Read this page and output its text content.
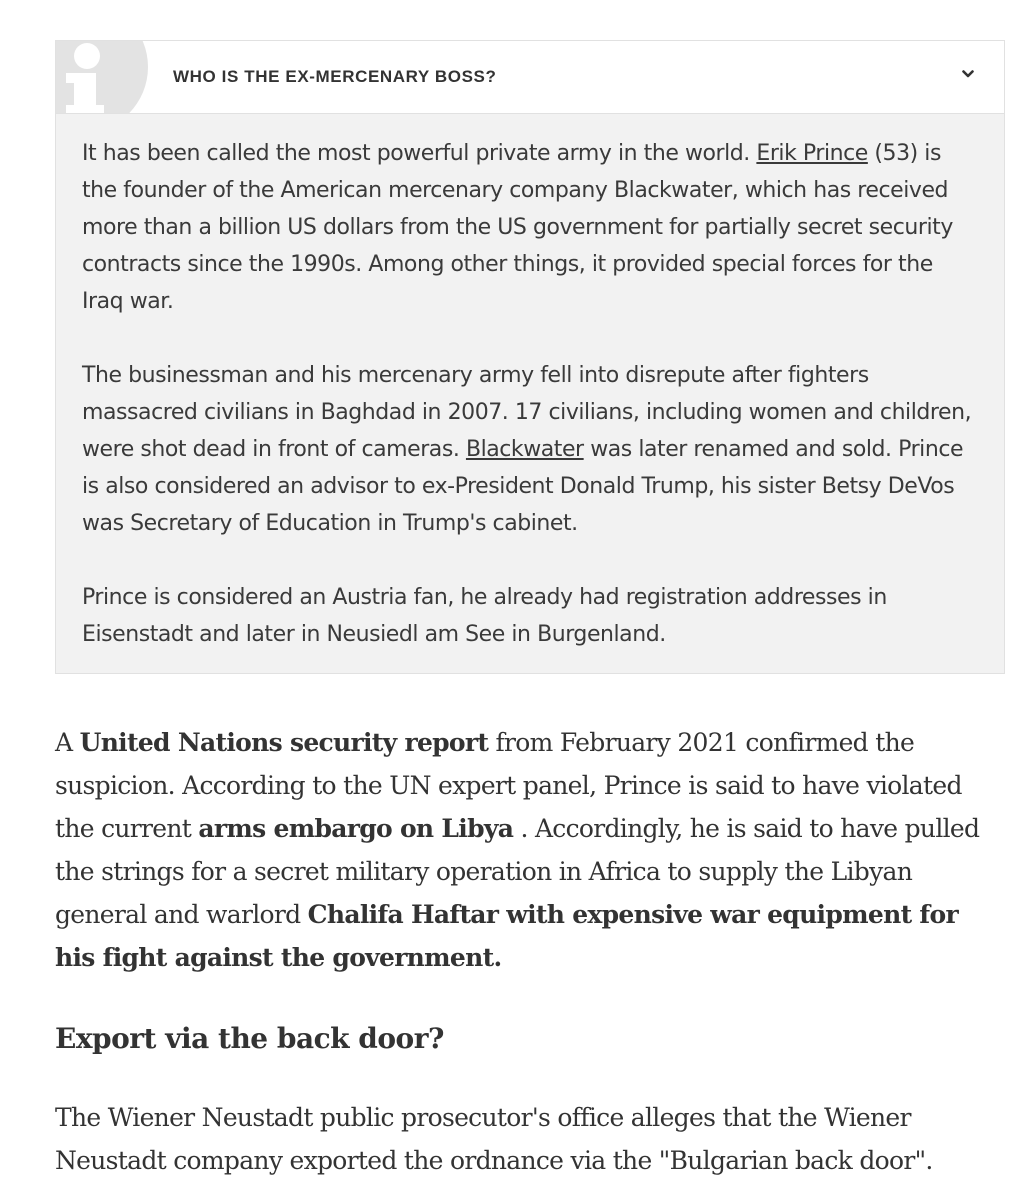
WHO IS THE EX-MERCENARY BOSS?

It has been called the most powerful private army in the world. Erik Prince (53) is the founder of the American mercenary company Blackwater, which has received more than a billion US dollars from the US government for partially secret security contracts since the 1990s. Among other things, it provided special forces for the Iraq war.

The businessman and his mercenary army fell into disrepute after fighters massacred civilians in Baghdad in 2007. 17 civilians, including women and children, were shot dead in front of cameras. Blackwater was later renamed and sold. Prince is also considered an advisor to ex-President Donald Trump, his sister Betsy DeVos was Secretary of Education in Trump's cabinet.

Prince is considered an Austria fan, he already had registration addresses in Eisenstadt and later in Neusiedl am See in Burgenland.

A United Nations security report from February 2021 confirmed the suspicion. According to the UN expert panel, Prince is said to have violated the current arms embargo on Libya . Accordingly, he is said to have pulled the strings for a secret military operation in Africa to supply the Libyan general and warlord Chalifa Haftar with expensive war equipment for his fight against the government.

Export via the back door?

The Wiener Neustadt public prosecutor's office alleges that the Wiener Neustadt company exported the ordnance via the "Bulgarian back door".
